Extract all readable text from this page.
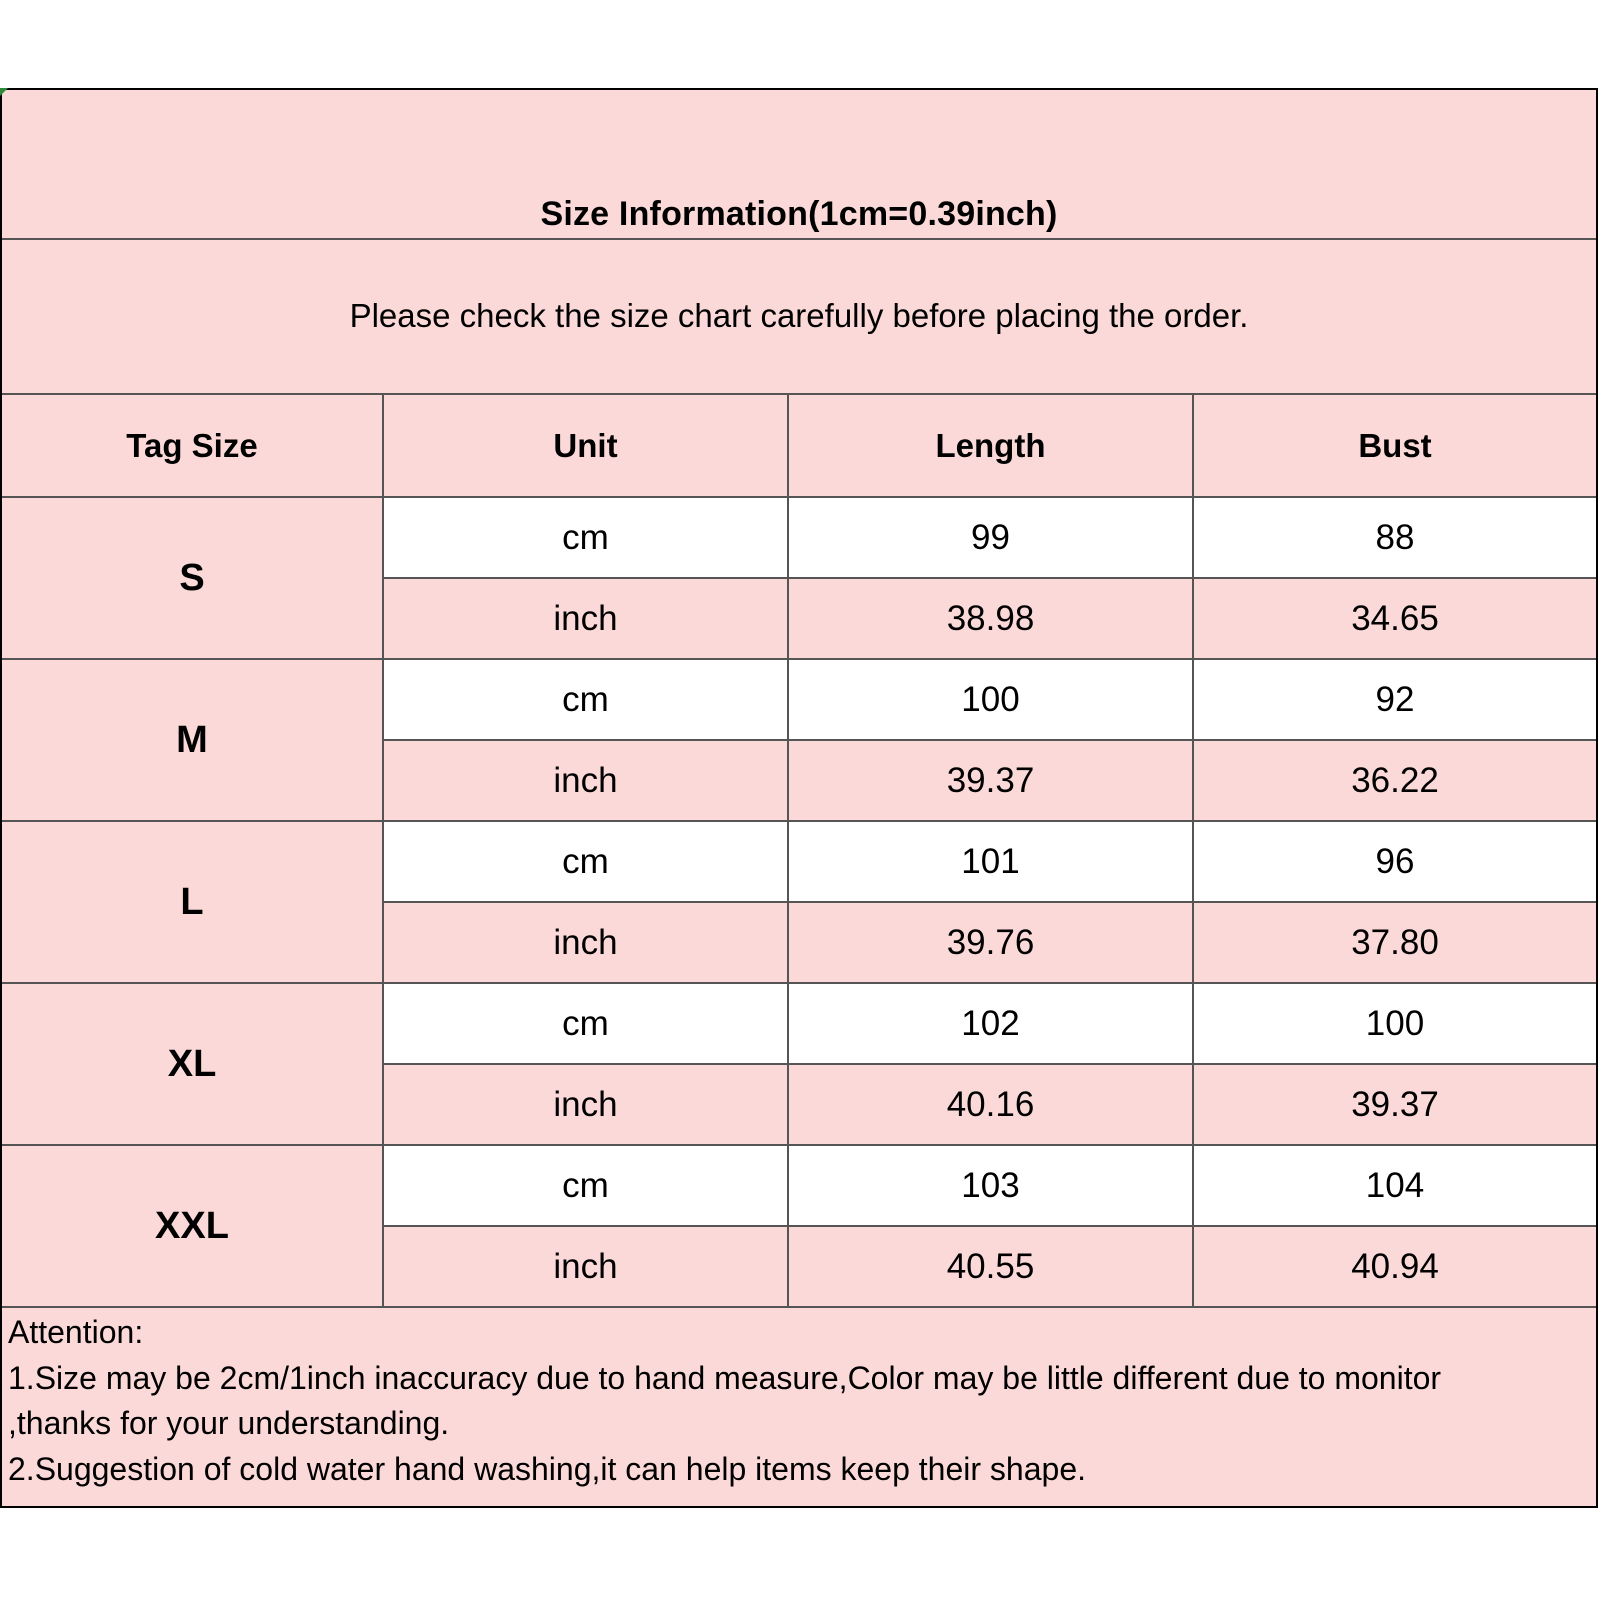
Size Information(1cm=0.39inch)
Please check the size chart carefully before placing the order.
Tag Size	Unit	Length	Bust
S	cm	99	88
	inch	38.98	34.65
M	cm	100	92
	inch	39.37	36.22
L	cm	101	96
	inch	39.76	37.80
XL	cm	102	100
	inch	40.16	39.37
XXL	cm	103	104
	inch	40.55	40.94
Attention:
1.Size may be 2cm/1inch inaccuracy due to hand measure,Color may be little different due to monitor
,thanks for your understanding.
2.Suggestion of cold water hand washing,it can help items keep their shape.
